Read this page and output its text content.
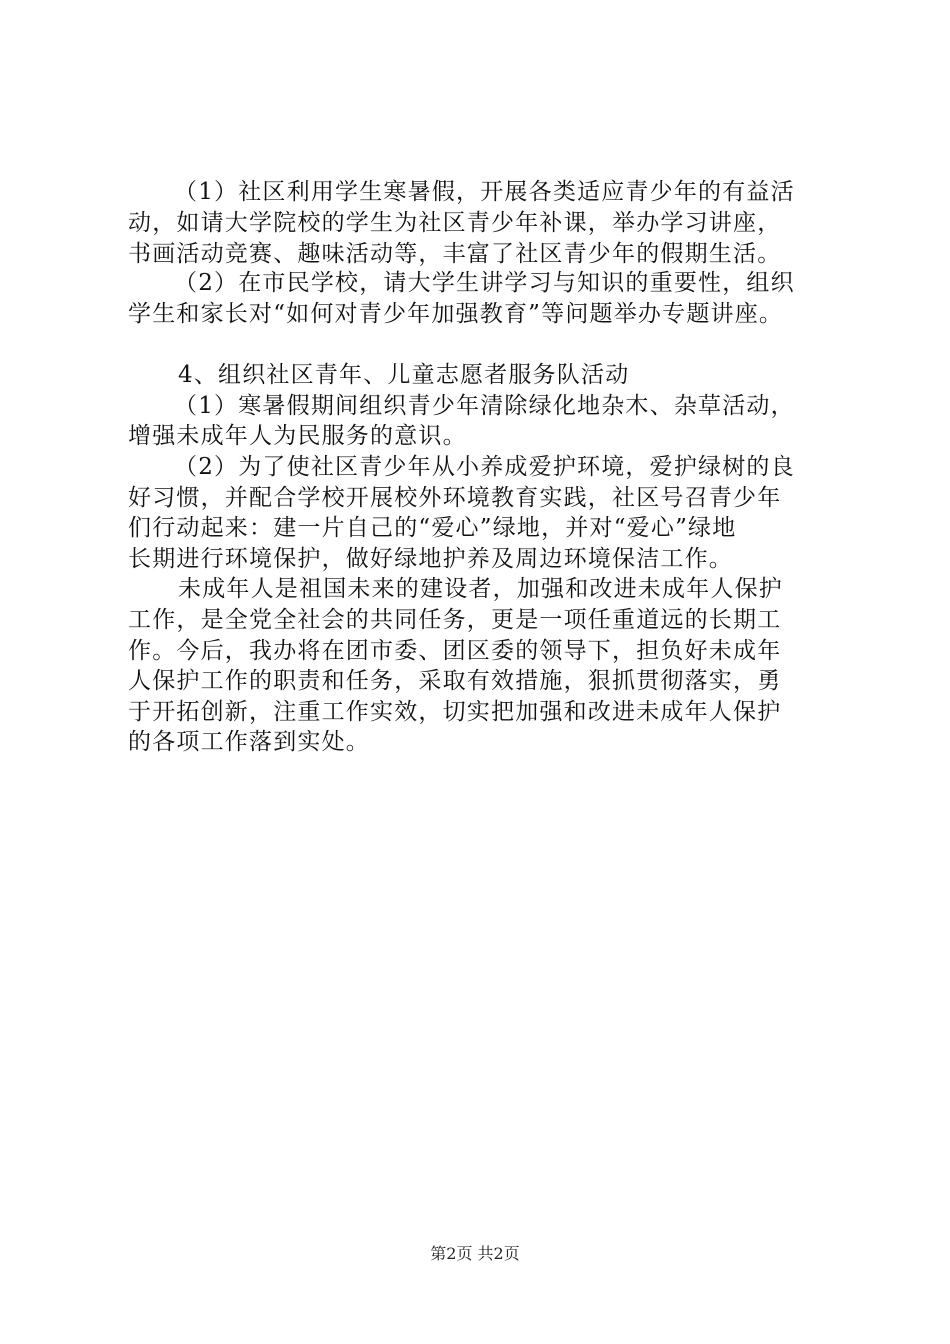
（1）社区利用学生寒暑假，开展各类适应青少年的有益活
动，如请大学院校的学生为社区青少年补课，举办学习讲座，
书画活动竞赛、趣味活动等，丰富了社区青少年的假期生活。
（2）在市民学校，请大学生讲学习与知识的重要性，组织
学生和家长对“如何对青少年加强教育”等问题举办专题讲座。
4、组织社区青年、儿童志愿者服务队活动
（1）寒暑假期间组织青少年清除绿化地杂木、杂草活动，
增强未成年人为民服务的意识。
（2）为了使社区青少年从小养成爱护环境，爱护绿树的良
好习惯，并配合学校开展校外环境教育实践，社区号召青少年
们行动起来：建一片自己的“爱心”绿地，并对“爱心”绿地
长期进行环境保护，做好绿地护养及周边环境保洁工作。
未成年人是祖国未来的建设者，加强和改进未成年人保护
工作，是全党全社会的共同任务，更是一项任重道远的长期工
作。今后，我办将在团市委、团区委的领导下，担负好未成年
人保护工作的职责和任务，采取有效措施，狠抓贯彻落实，勇
于开拓创新，注重工作实效，切实把加强和改进未成年人保护
的各项工作落到实处。
第2页 共2页
